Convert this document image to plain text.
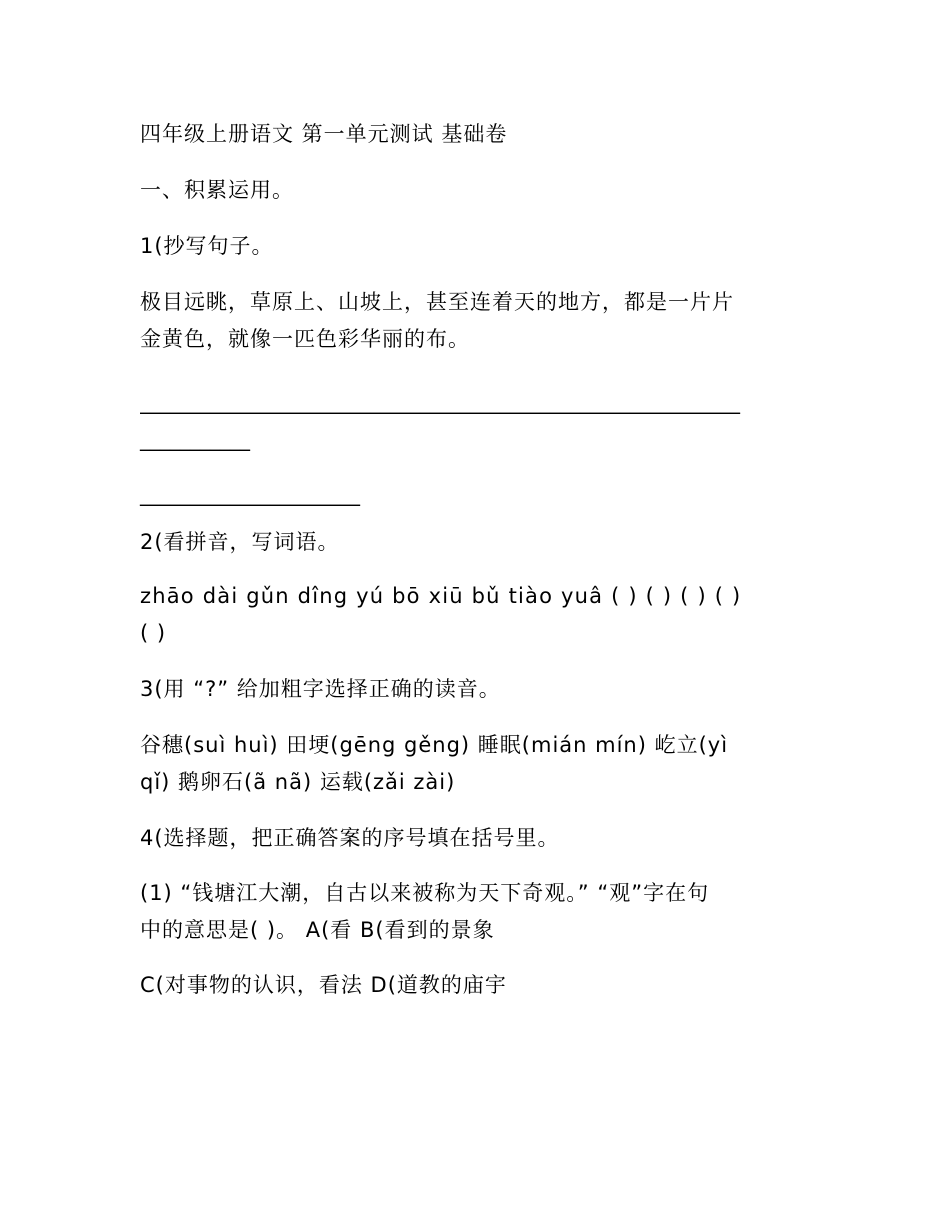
四年级上册语文 第一单元测试 基础卷
一、积累运用。
1(抄写句子。
极目远眺，草原上、山坡上，甚至连着天的地方，都是一片片
金黄色，就像一匹色彩华丽的布。
____________________________________________________________
___________
______________________
2(看拼音，写词语。
zhāo dài gǔn dîng yú bō xiū bǔ tiào yuâ ( ) ( ) ( ) ( )
( )
3(用 “?” 给加粗字选择正确的读音。
谷穗(suì huì) 田埂(gēng gěng) 睡眠(mián mín) 屹立(yì
qǐ) 鹅卵石(ã nã) 运载(zǎi zài)
4(选择题，把正确答案的序号填在括号里。
(1) “钱塘江大潮，自古以来被称为天下奇观。” “观”字在句
中的意思是( )。 A(看 B(看到的景象
C(对事物的认识，看法 D(道教的庙宇
